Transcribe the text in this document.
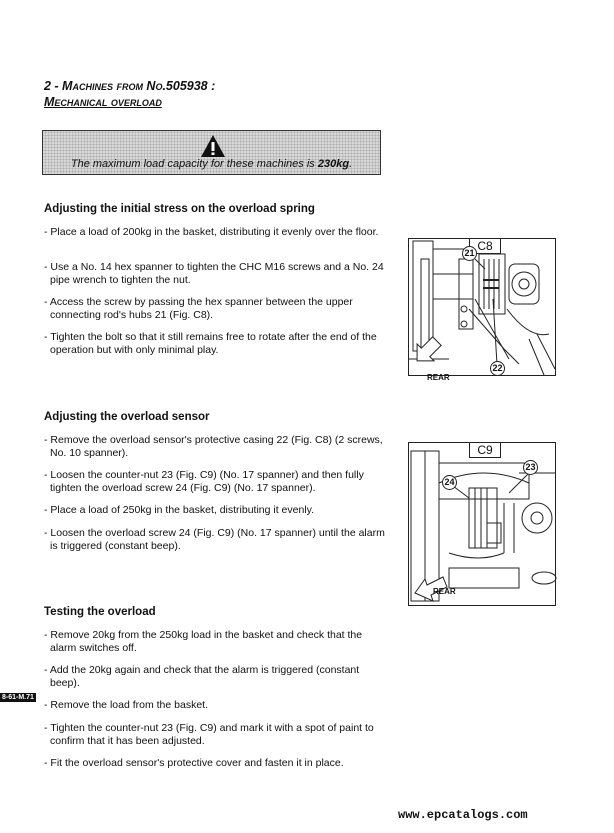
2 - Machines from No.505938 :
Mechanical overload
The maximum load capacity for these machines is 230kg.
Adjusting the initial stress on the overload spring
- Place a load of 200kg in the basket, distributing it evenly over the floor.
- Use a No. 14 hex spanner to tighten the CHC M16 screws and a No. 24 pipe wrench to tighten the nut.
- Access the screw by passing the hex spanner between the upper connecting rod's hubs 21 (Fig. C8).
- Tighten the bolt so that it still remains free to rotate after the end of the operation but with only minimal play.
Adjusting the overload sensor
- Remove the overload sensor's protective casing 22 (Fig. C8) (2 screws, No. 10 spanner).
- Loosen the counter-nut 23 (Fig. C9) (No. 17 spanner) and then fully tighten the overload screw 24 (Fig. C9) (No. 17 spanner).
- Place a load of 250kg in the basket, distributing it evenly.
- Loosen the overload screw 24 (Fig. C9) (No. 17 spanner) until the alarm is triggered (constant beep).
Testing the overload
- Remove 20kg from the 250kg load in the basket and check that the alarm switches off.
- Add the 20kg again and check that the alarm is triggered (constant beep).
- Remove the load from the basket.
- Tighten the counter-nut 23 (Fig. C9) and mark it with a spot of paint to confirm that it has been adjusted.
- Fit the overload sensor's protective cover and fasten it in place.
C8
21
22
REAR
C9
23
24
REAR
8-61-M.71
www.epcatalogs.com
